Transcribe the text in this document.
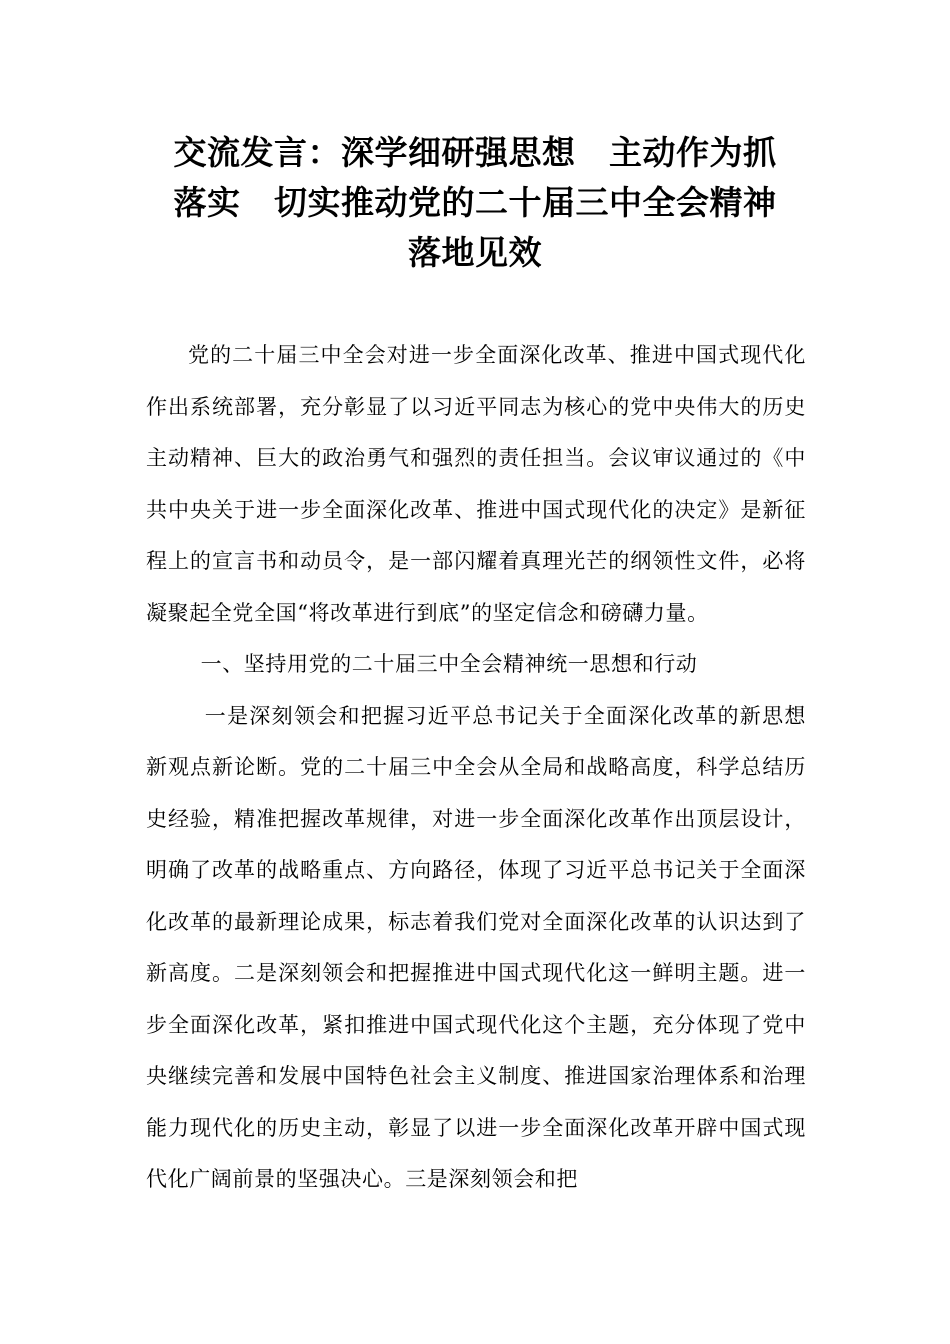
交流发言：深学细研强思想　主动作为抓
落实　切实推动党的二十届三中全会精神
落地见效

党的二十届三中全会对进一步全面深化改革、推进中国式现代化作出系统部署，充分彰显了以习近平同志为核心的党中央伟大的历史主动精神、巨大的政治勇气和强烈的责任担当。会议审议通过的《中共中央关于进一步全面深化改革、推进中国式现代化的决定》是新征程上的宣言书和动员令，是一部闪耀着真理光芒的纲领性文件，必将凝聚起全党全国“将改革进行到底”的坚定信念和磅礴力量。

一、坚持用党的二十届三中全会精神统一思想和行动

一是深刻领会和把握习近平总书记关于全面深化改革的新思想新观点新论断。党的二十届三中全会从全局和战略高度，科学总结历史经验，精准把握改革规律，对进一步全面深化改革作出顶层设计，明确了改革的战略重点、方向路径，体现了习近平总书记关于全面深化改革的最新理论成果，标志着我们党对全面深化改革的认识达到了新高度。二是深刻领会和把握推进中国式现代化这一鲜明主题。进一步全面深化改革，紧扣推进中国式现代化这个主题，充分体现了党中央继续完善和发展中国特色社会主义制度、推进国家治理体系和治理能力现代化的历史主动，彰显了以进一步全面深化改革开辟中国式现代化广阔前景的坚强决心。三是深刻领会和把
